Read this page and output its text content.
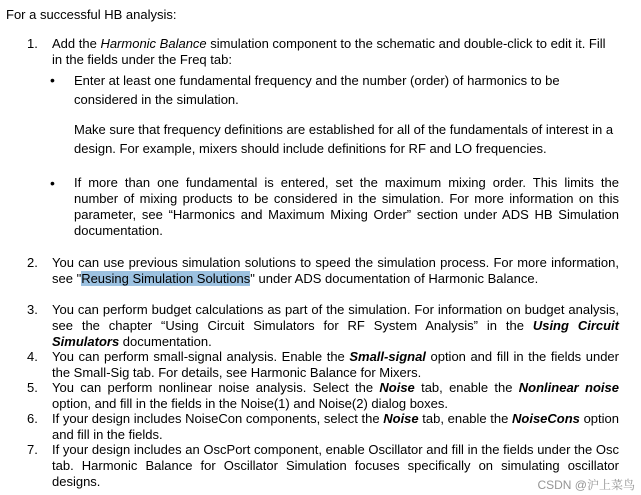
For a successful HB analysis:
1. Add the Harmonic Balance simulation component to the schematic and double-click to edit it. Fill in the fields under the Freq tab:
• Enter at least one fundamental frequency and the number (order) of harmonics to be considered in the simulation.
Make sure that frequency definitions are established for all of the fundamentals of interest in a design. For example, mixers should include definitions for RF and LO frequencies.
• If more than one fundamental is entered, set the maximum mixing order. This limits the number of mixing products to be considered in the simulation. For more information on this parameter, see “Harmonics and Maximum Mixing Order” section under ADS HB Simulation documentation.
2. You can use previous simulation solutions to speed the simulation process. For more information, see "Reusing Simulation Solutions" under ADS documentation of Harmonic Balance.
3. You can perform budget calculations as part of the simulation. For information on budget analysis, see the chapter “Using Circuit Simulators for RF System Analysis” in the Using Circuit Simulators documentation.
4. You can perform small-signal analysis. Enable the Small-signal option and fill in the fields under the Small-Sig tab. For details, see Harmonic Balance for Mixers.
5. You can perform nonlinear noise analysis. Select the Noise tab, enable the Nonlinear noise option, and fill in the fields in the Noise(1) and Noise(2) dialog boxes.
6. If your design includes NoiseCon components, select the Noise tab, enable the NoiseCons option and fill in the fields.
7. If your design includes an OscPort component, enable Oscillator and fill in the fields under the Osc tab. Harmonic Balance for Oscillator Simulation focuses specifically on simulating oscillator designs.	CSDN @沪上菜鸟
